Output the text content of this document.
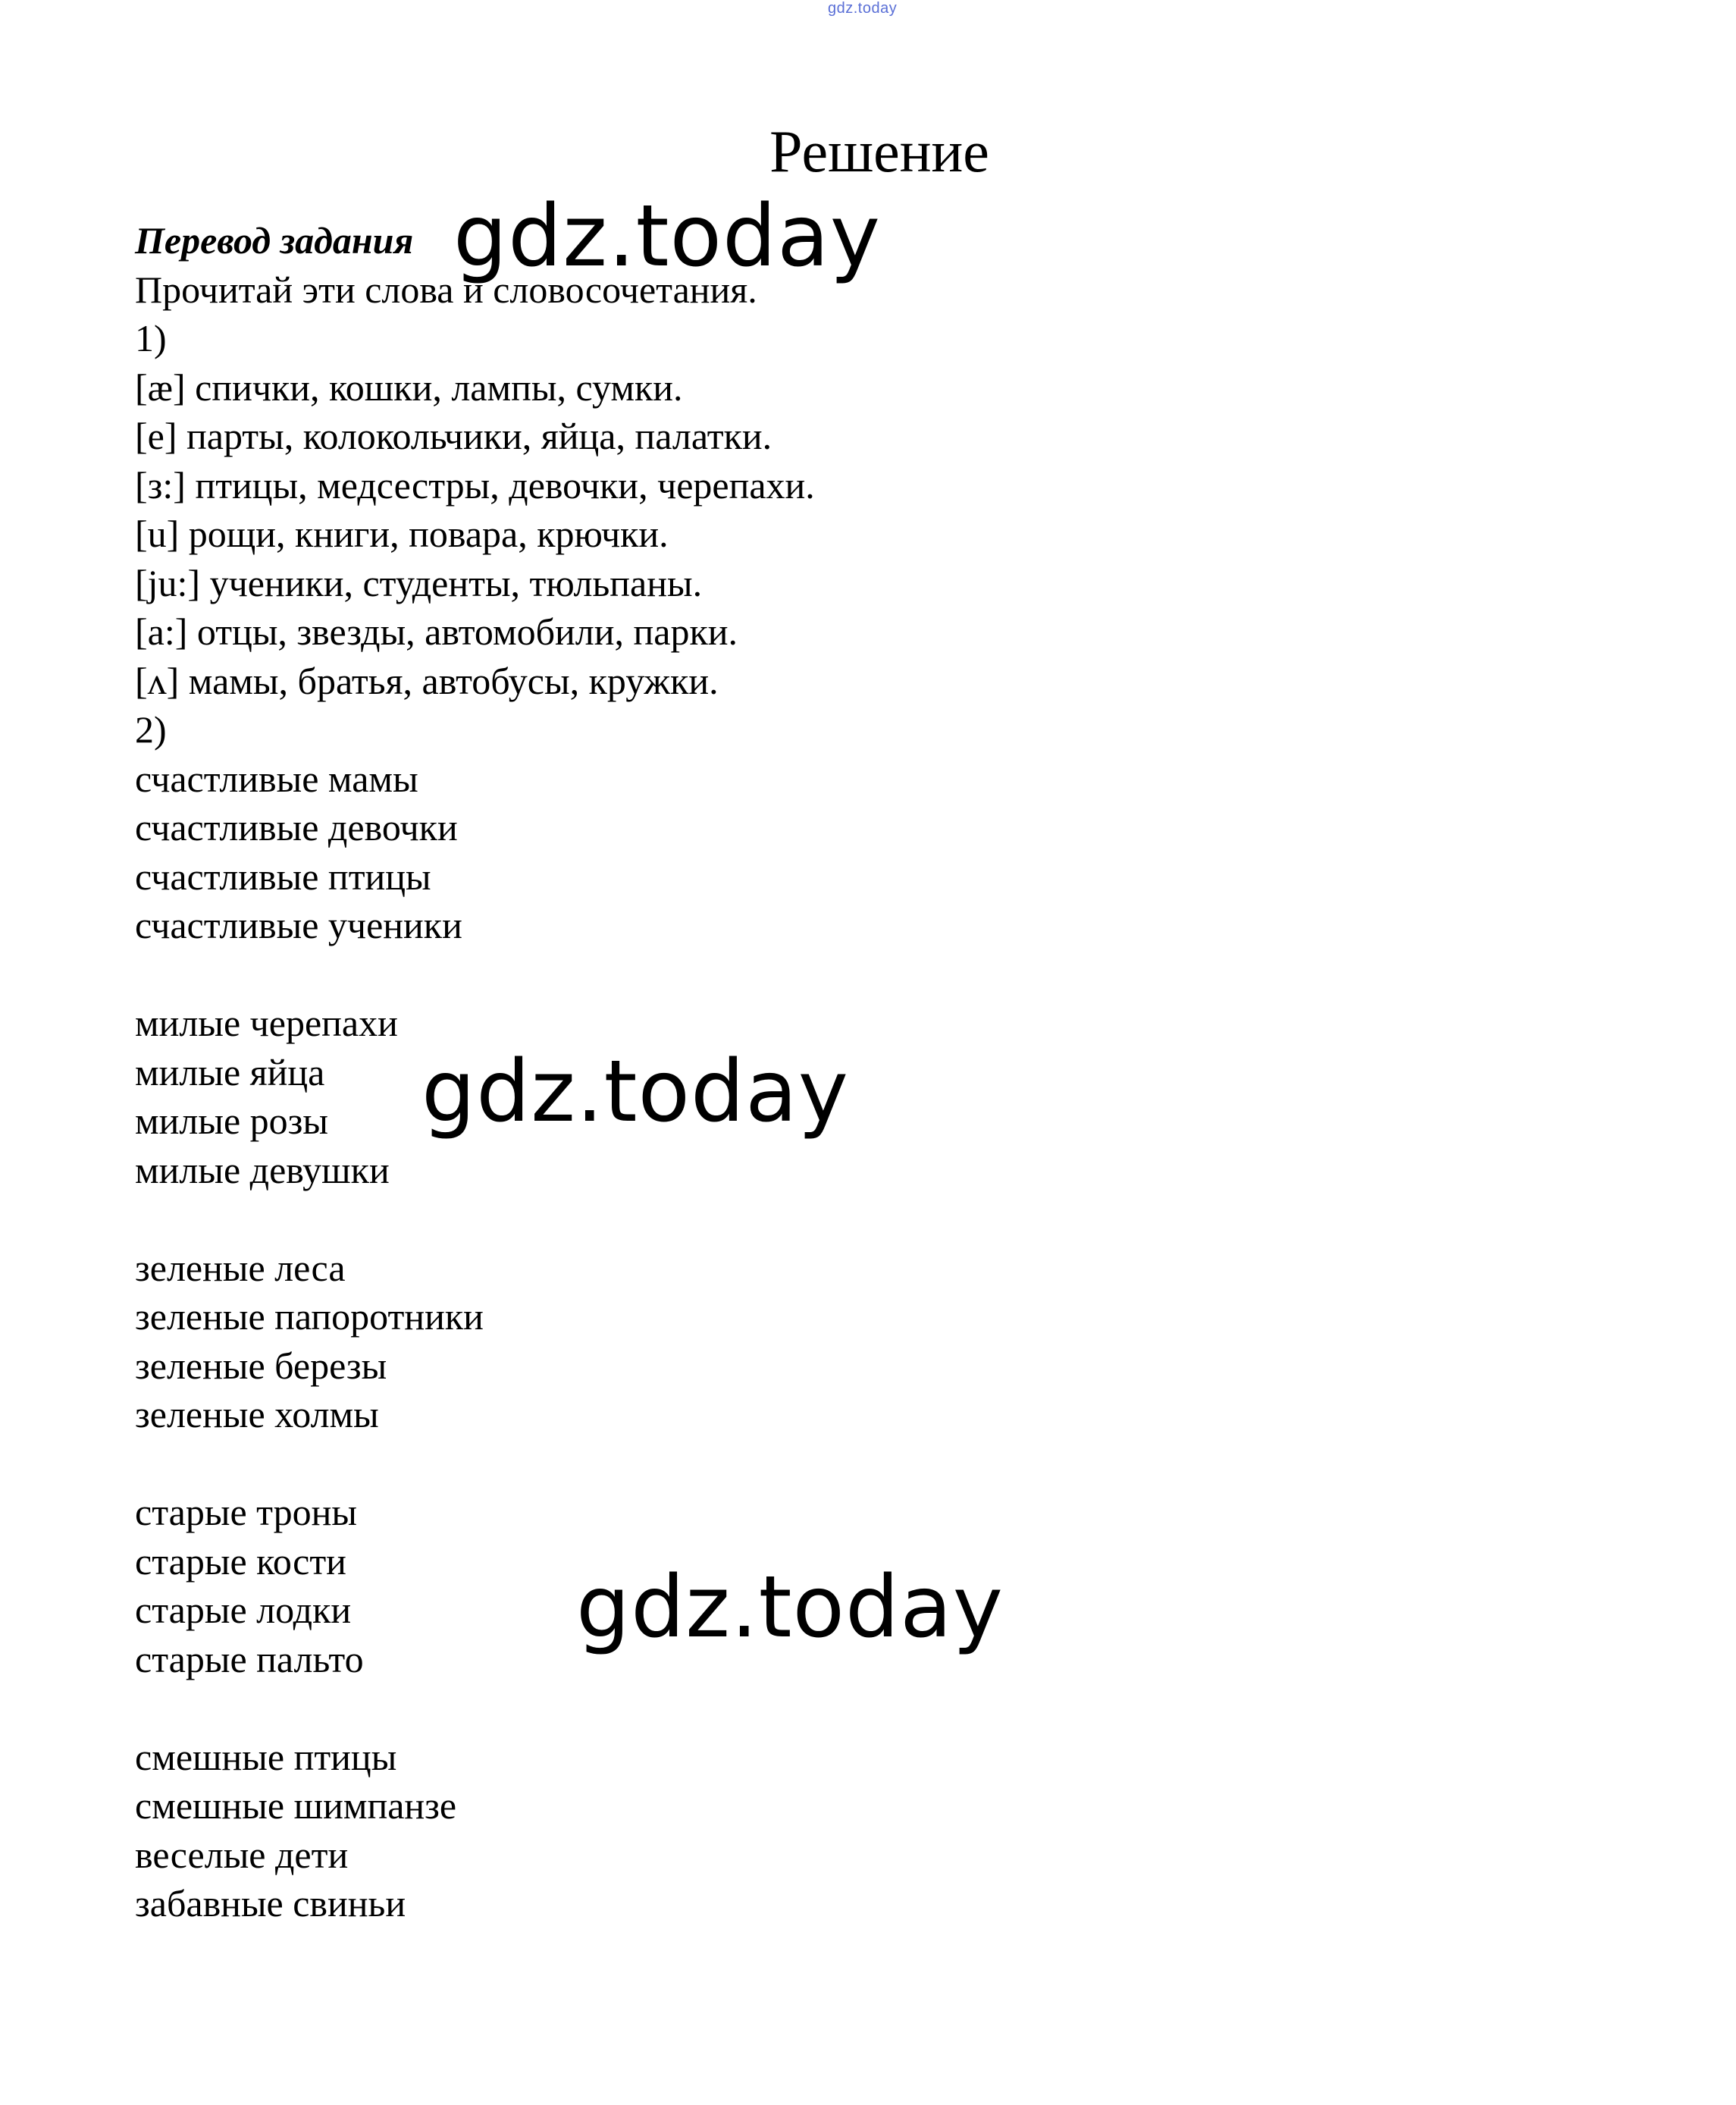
gdz.today
Решение
Перевод задания
Прочитай эти слова и словосочетания.
1)
[æ] спички, кошки, лампы, сумки.
[e] парты, колокольчики, яйца, палатки.
[з:] птицы, медсестры, девочки, черепахи.
[u] рощи, книги, повара, крючки.
[ju:] ученики, студенты, тюльпаны.
[a:] отцы, звезды, автомобили, парки.
[ʌ] мамы, братья, автобусы, кружки.
2)
счастливые мамы
счастливые девочки
счастливые птицы
счастливые ученики
милые черепахи
милые яйца
милые розы
милые девушки
зеленые леса
зеленые папоротники
зеленые березы
зеленые холмы
старые троны
старые кости
старые лодки
старые пальто
смешные птицы
смешные шимпанзе
веселые дети
забавные свиньи
gdz.today
gdz.today
gdz.today
